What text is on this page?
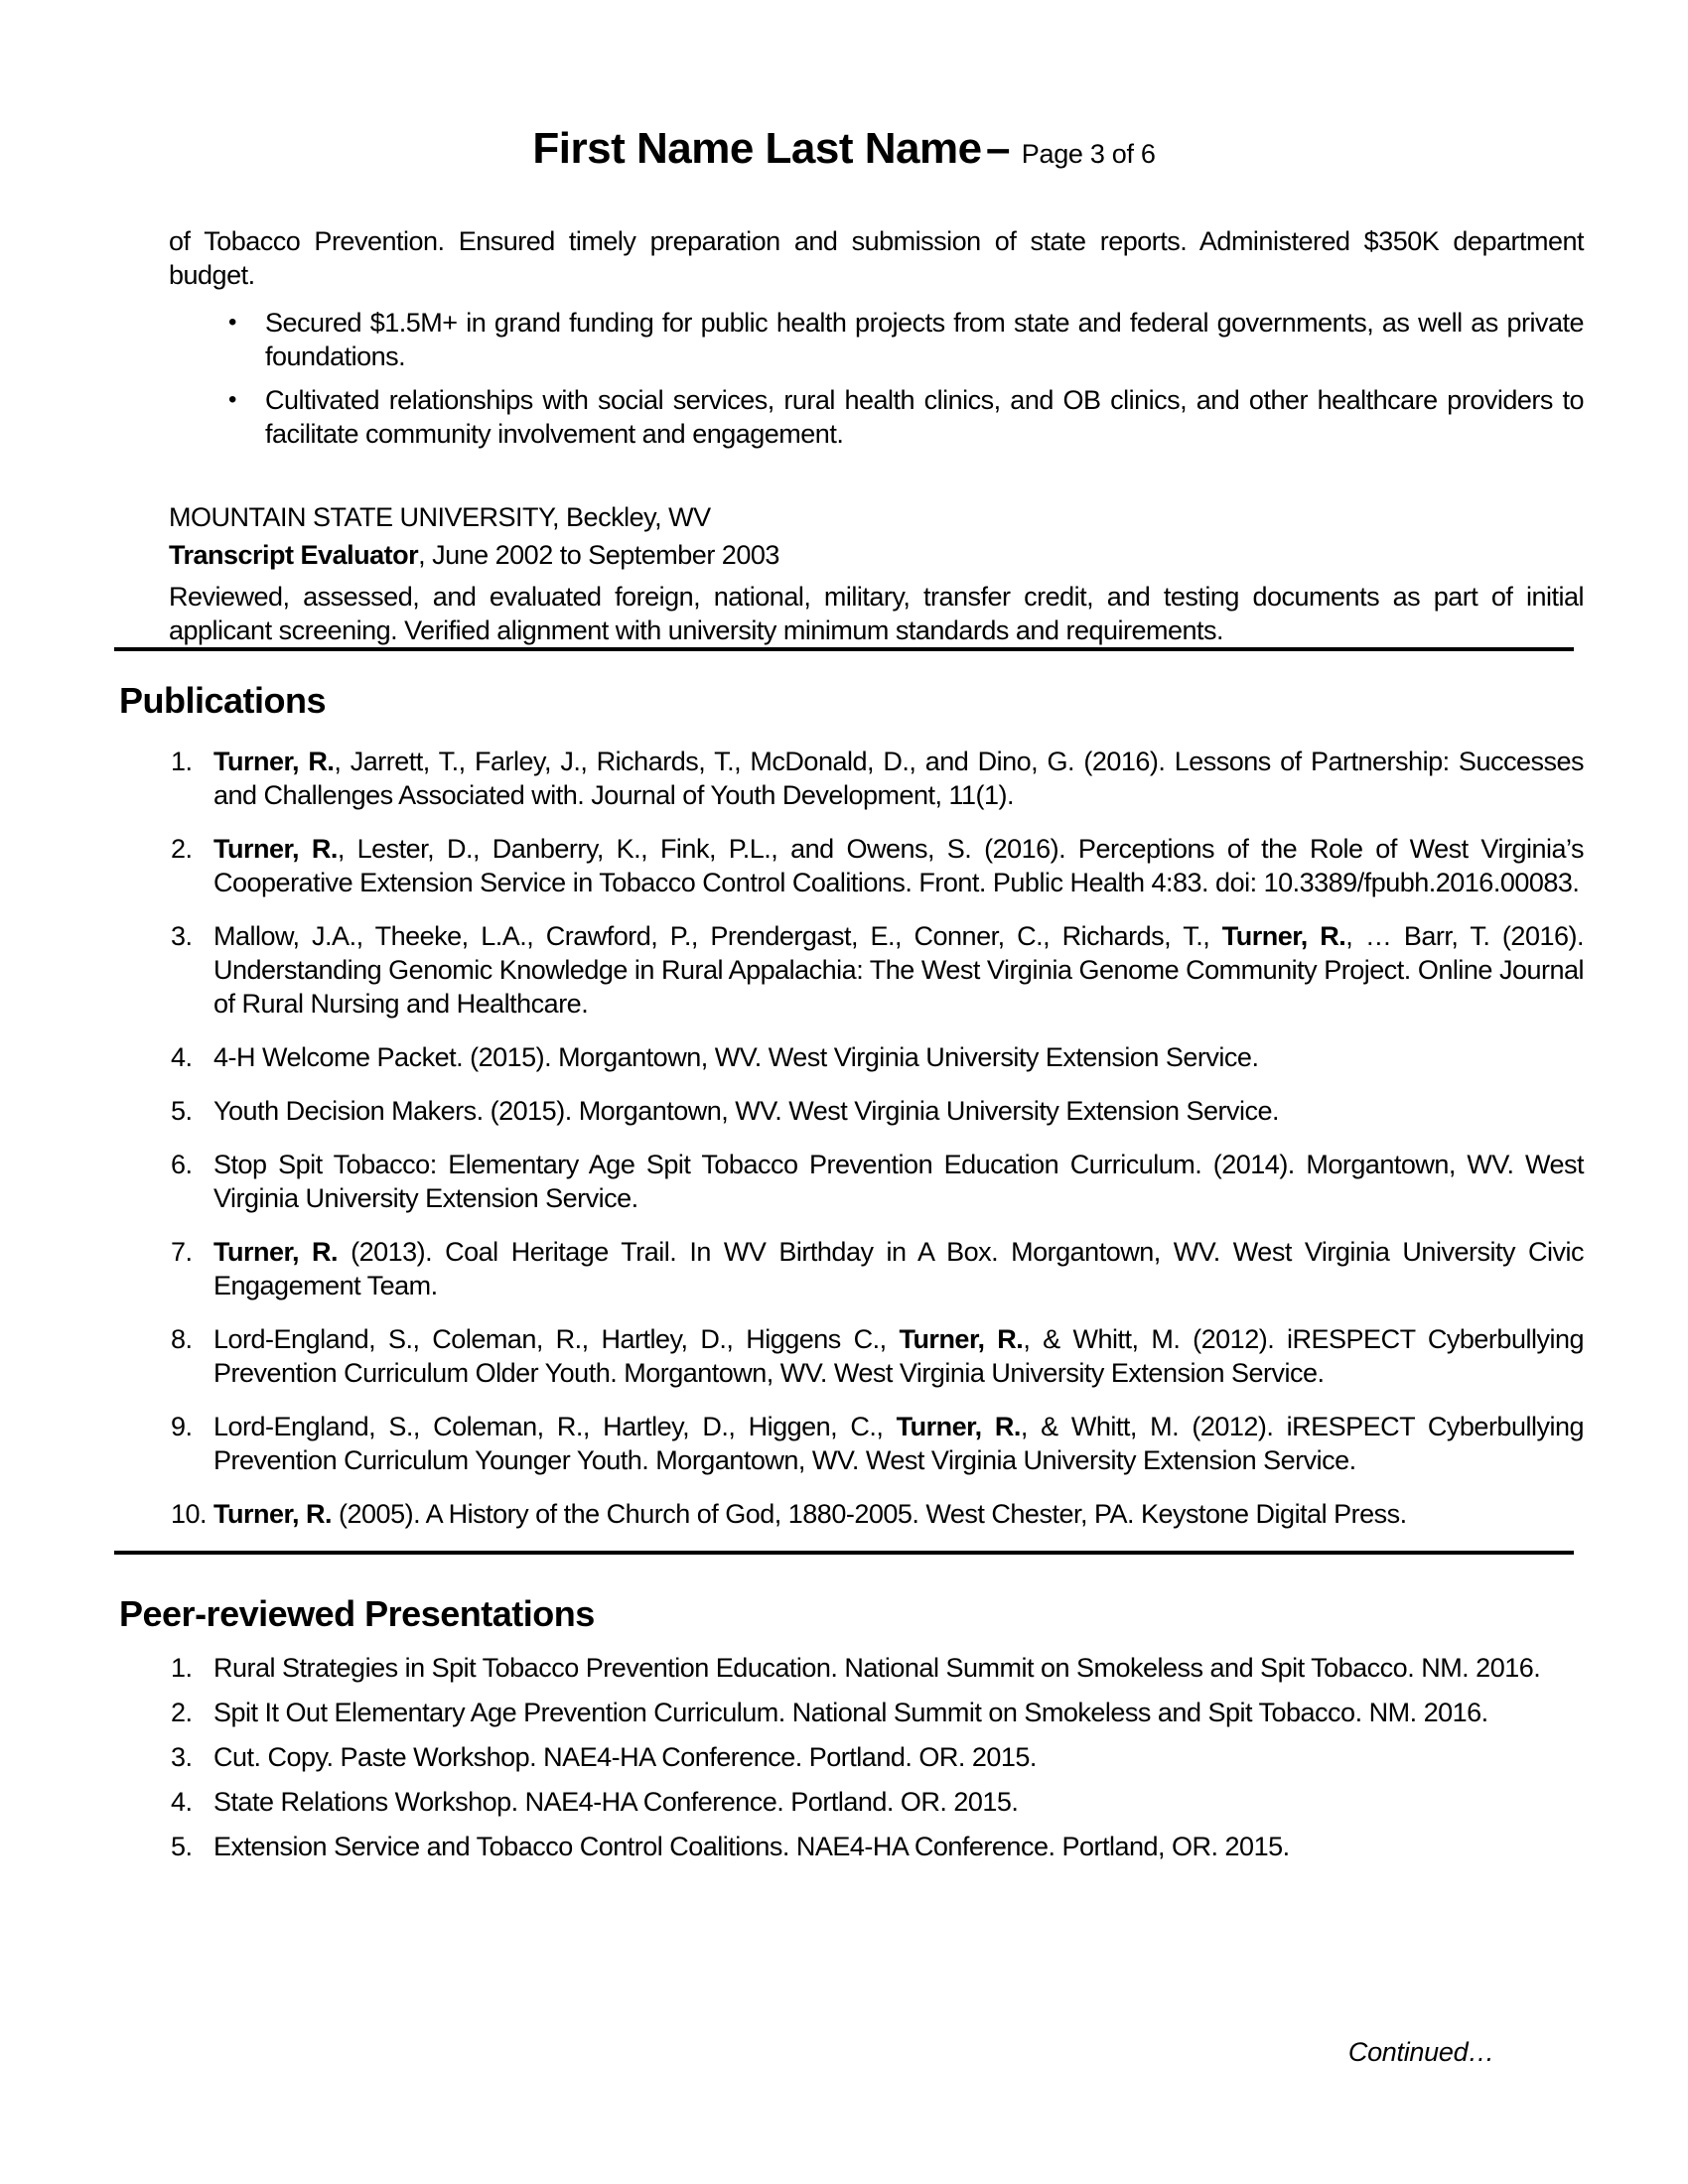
First Name Last Name – Page 3 of 6

of Tobacco Prevention. Ensured timely preparation and submission of state reports. Administered $350K department budget.

• Secured $1.5M+ in grand funding for public health projects from state and federal governments, as well as private foundations.
• Cultivated relationships with social services, rural health clinics, and OB clinics, and other healthcare providers to facilitate community involvement and engagement.

MOUNTAIN STATE UNIVERSITY, Beckley, WV

Transcript Evaluator, June 2002 to September 2003

Reviewed, assessed, and evaluated foreign, national, military, transfer credit, and testing documents as part of initial applicant screening. Verified alignment with university minimum standards and requirements.

Publications
1. Turner, R., Jarrett, T., Farley, J., Richards, T., McDonald, D., and Dino, G. (2016). Lessons of Partnership: Successes and Challenges Associated with. Journal of Youth Development, 11(1).
2. Turner, R., Lester, D., Danberry, K., Fink, P.L., and Owens, S. (2016). Perceptions of the Role of West Virginia’s Cooperative Extension Service in Tobacco Control Coalitions. Front. Public Health 4:83. doi: 10.3389/fpubh.2016.00083.
3. Mallow, J.A., Theeke, L.A., Crawford, P., Prendergast, E., Conner, C., Richards, T., Turner, R., … Barr, T. (2016). Understanding Genomic Knowledge in Rural Appalachia: The West Virginia Genome Community Project. Online Journal of Rural Nursing and Healthcare.
4. 4-H Welcome Packet. (2015). Morgantown, WV. West Virginia University Extension Service.
5. Youth Decision Makers. (2015). Morgantown, WV. West Virginia University Extension Service.
6. Stop Spit Tobacco: Elementary Age Spit Tobacco Prevention Education Curriculum. (2014). Morgantown, WV. West Virginia University Extension Service.
7. Turner, R. (2013). Coal Heritage Trail. In WV Birthday in A Box. Morgantown, WV. West Virginia University Civic Engagement Team.
8. Lord-England, S., Coleman, R., Hartley, D., Higgens C., Turner, R., & Whitt, M. (2012). iRESPECT Cyberbullying Prevention Curriculum Older Youth. Morgantown, WV. West Virginia University Extension Service.
9. Lord-England, S., Coleman, R., Hartley, D., Higgen, C., Turner, R., & Whitt, M. (2012). iRESPECT Cyberbullying Prevention Curriculum Younger Youth. Morgantown, WV. West Virginia University Extension Service.
10. Turner, R. (2005). A History of the Church of God, 1880-2005. West Chester, PA. Keystone Digital Press.
Peer-reviewed Presentations
1. Rural Strategies in Spit Tobacco Prevention Education. National Summit on Smokeless and Spit Tobacco. NM. 2016.
2. Spit It Out Elementary Age Prevention Curriculum. National Summit on Smokeless and Spit Tobacco. NM. 2016.
3. Cut. Copy. Paste Workshop. NAE4-HA Conference. Portland. OR. 2015.
4. State Relations Workshop. NAE4-HA Conference. Portland. OR. 2015.
5. Extension Service and Tobacco Control Coalitions. NAE4-HA Conference. Portland, OR. 2015.
Continued…
